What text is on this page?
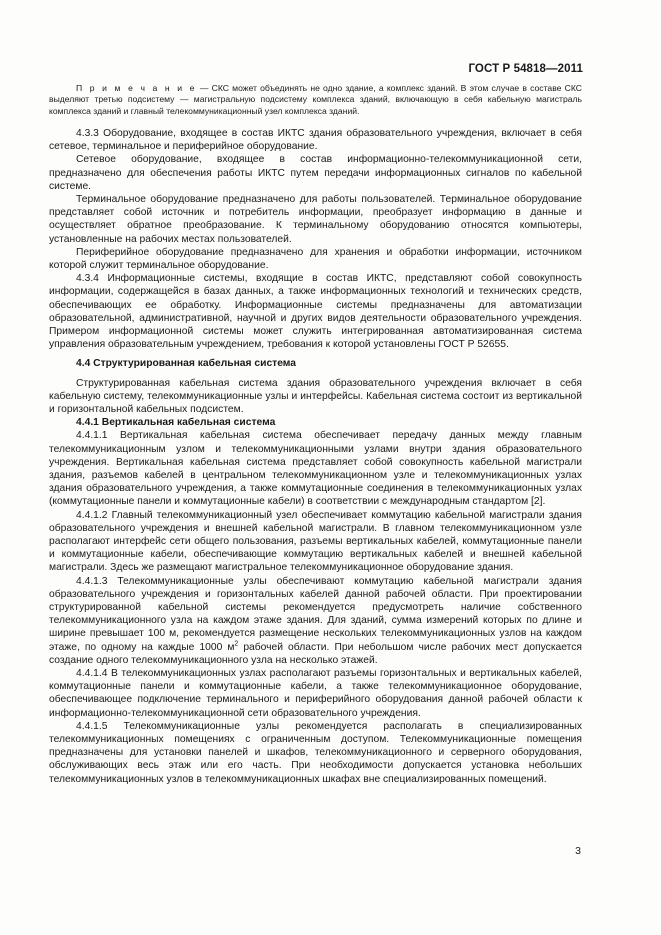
ГОСТ Р 54818—2011

П р и м е ч а н и е — СКС может объединять не одно здание, а комплекс зданий. В этом случае в составе СКС выделяют третью подсистему — магистральную подсистему комплекса зданий, включающую в себя кабельную магистраль комплекса зданий и главный телекоммуникационный узел комплекса зданий.

4.3.3 Оборудование, входящее в состав ИКТС здания образовательного учреждения, включает в себя сетевое, терминальное и периферийное оборудование.

Сетевое оборудование, входящее в состав информационно-телекоммуникационной сети, предназначено для обеспечения работы ИКТС путем передачи информационных сигналов по кабельной системе.

Терминальное оборудование предназначено для работы пользователей. Терминальное оборудование представляет собой источник и потребитель информации, преобразует информацию в данные и осуществляет обратное преобразование. К терминальному оборудованию относятся компьютеры, установленные на рабочих местах пользователей.

Периферийное оборудование предназначено для хранения и обработки информации, источником которой служит терминальное оборудование.

4.3.4 Информационные системы, входящие в состав ИКТС, представляют собой совокупность информации, содержащейся в базах данных, а также информационных технологий и технических средств, обеспечивающих ее обработку. Информационные системы предназначены для автоматизации образовательной, административной, научной и других видов деятельности образовательного учреждения. Примером информационной системы может служить интегрированная автоматизированная система управления образовательным учреждением, требования к которой установлены ГОСТ Р 52655.

4.4 Структурированная кабельная система

Структурированная кабельная система здания образовательного учреждения включает в себя кабельную систему, телекоммуникационные узлы и интерфейсы. Кабельная система состоит из вертикальной и горизонтальной кабельных подсистем.

4.4.1 Вертикальная кабельная система

4.4.1.1 Вертикальная кабельная система обеспечивает передачу данных между главным телекоммуникационным узлом и телекоммуникационными узлами внутри здания образовательного учреждения. Вертикальная кабельная система представляет собой совокупность кабельной магистрали здания, разъемов кабелей в центральном телекоммуникационном узле и телекоммуникационных узлах здания образовательного учреждения, а также коммутационные соединения в телекоммуникационных узлах (коммутационные панели и коммутационные кабели) в соответствии с международным стандартом [2].

4.4.1.2 Главный телекоммуникационный узел обеспечивает коммутацию кабельной магистрали здания образовательного учреждения и внешней кабельной магистрали. В главном телекоммуникационном узле располагают интерфейс сети общего пользования, разъемы вертикальных кабелей, коммутационные панели и коммутационные кабели, обеспечивающие коммутацию вертикальных кабелей и внешней кабельной магистрали. Здесь же размещают магистральное телекоммуникационное оборудование здания.

4.4.1.3 Телекоммуникационные узлы обеспечивают коммутацию кабельной магистрали здания образовательного учреждения и горизонтальных кабелей данной рабочей области. При проектировании структурированной кабельной системы рекомендуется предусмотреть наличие собственного телекоммуникационного узла на каждом этаже здания. Для зданий, сумма измерений которых по длине и ширине превышает 100 м, рекомендуется размещение нескольких телекоммуникационных узлов на каждом этаже, по одному на каждые 1000 $м^2$ рабочей области. При небольшом числе рабочих мест допускается создание одного телекоммуникационного узла на несколько этажей.

4.4.1.4 В телекоммуникационных узлах располагают разъемы горизонтальных и вертикальных кабелей, коммутационные панели и коммутационные кабели, а также телекоммуникационное оборудование, обеспечивающее подключение терминального и периферийного оборудования данной рабочей области к информационно-телекоммуникационной сети образовательного учреждения.

4.4.1.5 Телекоммуникационные узлы рекомендуется располагать в специализированных телекоммуникационных помещениях с ограниченным доступом. Телекоммуникационные помещения предназначены для установки панелей и шкафов, телекоммуникационного и серверного оборудования, обслуживающих весь этаж или его часть. При необходимости допускается установка небольших телекоммуникационных узлов в телекоммуникационных шкафах вне специализированных помещений.

3
